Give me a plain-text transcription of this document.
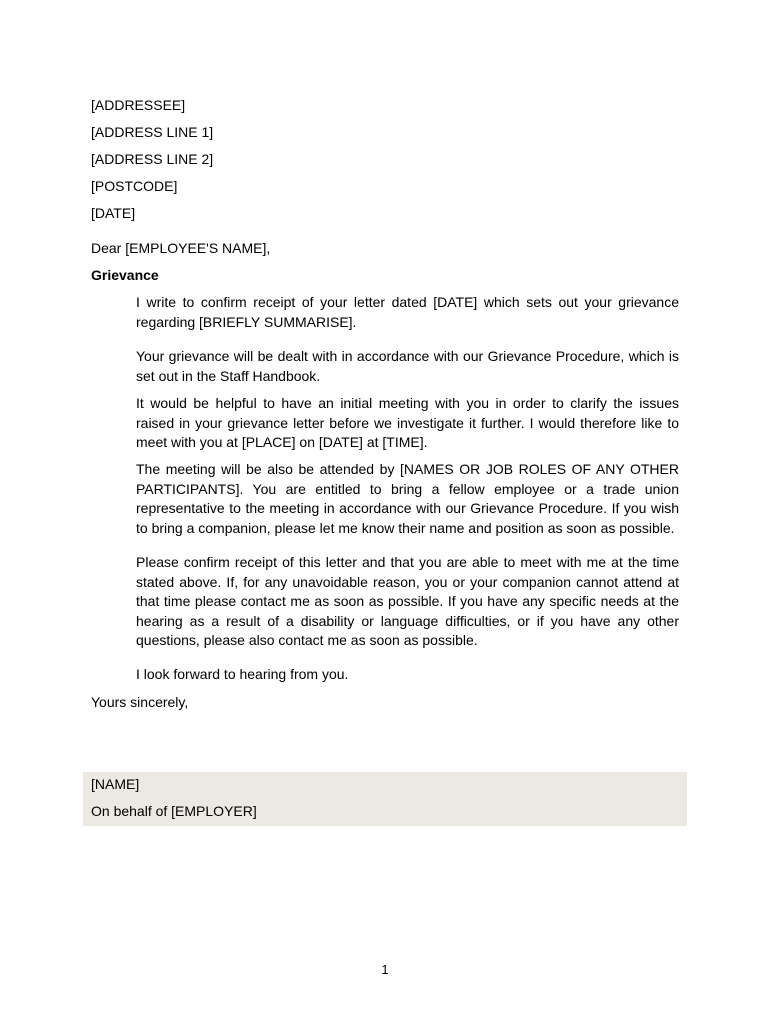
[ADDRESSEE]
[ADDRESS LINE 1]
[ADDRESS LINE 2]
[POSTCODE]
[DATE]
Dear [EMPLOYEE'S NAME],
Grievance
I write to confirm receipt of your letter dated [DATE] which sets out your grievance regarding [BRIEFLY SUMMARISE].
Your grievance will be dealt with in accordance with our Grievance Procedure, which is set out in the Staff Handbook.
It would be helpful to have an initial meeting with you in order to clarify the issues raised in your grievance letter before we investigate it further. I would therefore like to meet with you at [PLACE] on [DATE] at [TIME].
The meeting will be also be attended by [NAMES OR JOB ROLES OF ANY OTHER PARTICIPANTS]. You are entitled to bring a fellow employee or a trade union representative to the meeting in accordance with our Grievance Procedure. If you wish to bring a companion, please let me know their name and position as soon as possible.
Please confirm receipt of this letter and that you are able to meet with me at the time stated above. If, for any unavoidable reason, you or your companion cannot attend at that time please contact me as soon as possible. If you have any specific needs at the hearing as a result of a disability or language difficulties, or if you have any other questions, please also contact me as soon as possible.
I look forward to hearing from you.
Yours sincerely,
[NAME]
On behalf of [EMPLOYER]
1
